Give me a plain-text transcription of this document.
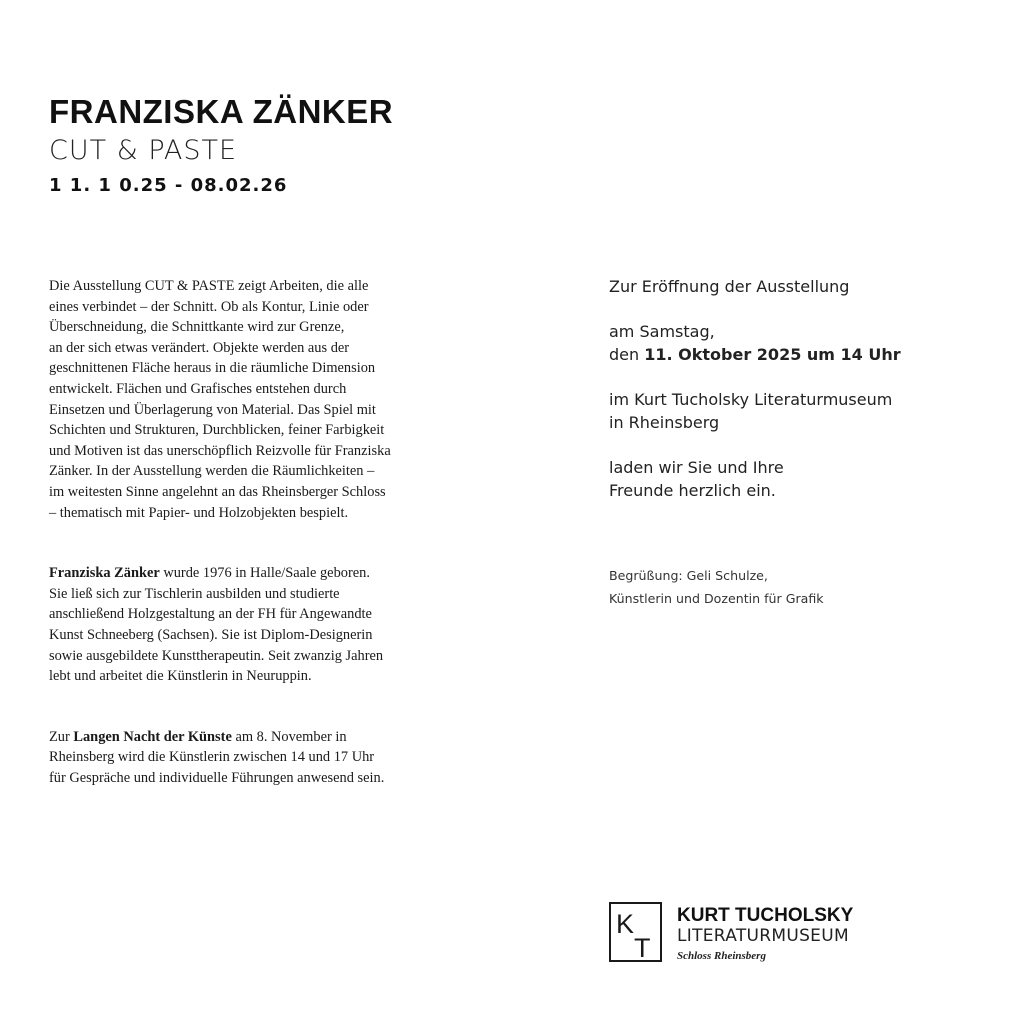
FRANZISKA ZÄNKER
CUT & PASTE
1 1. 1 0.25 - 08.02.26

Die Ausstellung CUT & PASTE zeigt Arbeiten, die alle
eines verbindet – der Schnitt. Ob als Kontur, Linie oder
Überschneidung, die Schnittkante wird zur Grenze,
an der sich etwas verändert. Objekte werden aus der
geschnittenen Fläche heraus in die räumliche Dimension
entwickelt. Flächen und Grafisches entstehen durch
Einsetzen und Überlagerung von Material. Das Spiel mit
Schichten und Strukturen, Durchblicken, feiner Farbigkeit
und Motiven ist das unerschöpflich Reizvolle für Franziska
Zänker. In der Ausstellung werden die Räumlichkeiten –
im weitesten Sinne angelehnt an das Rheinsberger Schloss
– thematisch mit Papier- und Holzobjekten bespielt.

Franziska Zänker wurde 1976 in Halle/Saale geboren.
Sie ließ sich zur Tischlerin ausbilden und studierte
anschließend Holzgestaltung an der FH für Angewandte
Kunst Schneeberg (Sachsen). Sie ist Diplom-Designerin
sowie ausgebildete Kunsttherapeutin. Seit zwanzig Jahren
lebt und arbeitet die Künstlerin in Neuruppin.

Zur Langen Nacht der Künste am 8. November in
Rheinsberg wird die Künstlerin zwischen 14 und 17 Uhr
für Gespräche und individuelle Führungen anwesend sein.

Zur Eröffnung der Ausstellung

am Samstag,
den 11. Oktober 2025 um 14 Uhr

im Kurt Tucholsky Literaturmuseum
in Rheinsberg

laden wir Sie und Ihre
Freunde herzlich ein.

Begrüßung: Geli Schulze,
Künstlerin und Dozentin für Grafik
K
T
KURT TUCHOLSKY
LITERATURMUSEUM
Schloss Rheinsberg
